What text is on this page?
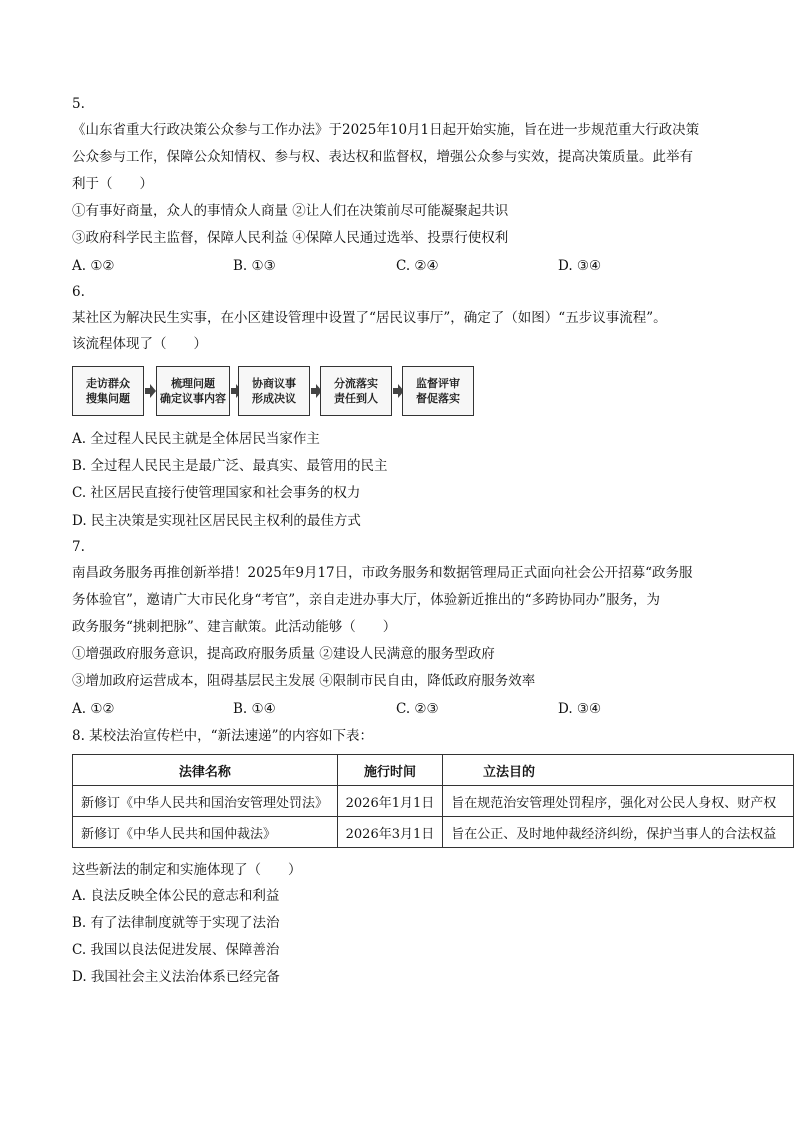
5.
《山东省重大行政决策公众参与工作办法》于2025年10月1日起开始实施，旨在进一步规范重大行政决策
公众参与工作，保障公众知情权、参与权、表达权和监督权，增强公众参与实效，提高决策质量。此举有
利于（　　）
①有事好商量，众人的事情众人商量 ②让人们在决策前尽可能凝聚起共识
③政府科学民主监督，保障人民利益 ④保障人民通过选举、投票行使权利
A. ①②	B. ①③	C. ②④	D. ③④
6.
某社区为解决民生实事，在小区建设管理中设置了“居民议事厅”，确定了（如图）“五步议事流程”。
该流程体现了（　　）
走访群众
搜集问题
梳理问题
确定议事内容
协商议事
形成决议
分流落实
责任到人
监督评审
督促落实
A. 全过程人民民主就是全体居民当家作主
B. 全过程人民民主是最广泛、最真实、最管用的民主
C. 社区居民直接行使管理国家和社会事务的权力
D. 民主决策是实现社区居民民主权利的最佳方式
7.
南昌政务服务再推创新举措！2025年9月17日，市政务服务和数据管理局正式面向社会公开招募“政务服
务体验官”，邀请广大市民化身“考官”，亲自走进办事大厅，体验新近推出的“多跨协同办”服务，为
政务服务“挑刺把脉”、建言献策。此活动能够（　　）
①增强政府服务意识，提高政府服务质量 ②建设人民满意的服务型政府
③增加政府运营成本，阻碍基层民主发展 ④限制市民自由，降低政府服务效率
A. ①②	B. ①④	C. ②③	D. ③④
8. 某校法治宣传栏中，“新法速递”的内容如下表：
法律名称	施行时间	立法目的
新修订《中华人民共和国治安管理处罚法》	2026年1月1日	旨在规范治安管理处罚程序，强化对公民人身权、财产权
新修订《中华人民共和国仲裁法》	2026年3月1日	旨在公正、及时地仲裁经济纠纷，保护当事人的合法权益
这些新法的制定和实施体现了（　　）
A. 良法反映全体公民的意志和利益
B. 有了法律制度就等于实现了法治
C. 我国以良法促进发展、保障善治
D. 我国社会主义法治体系已经完备
